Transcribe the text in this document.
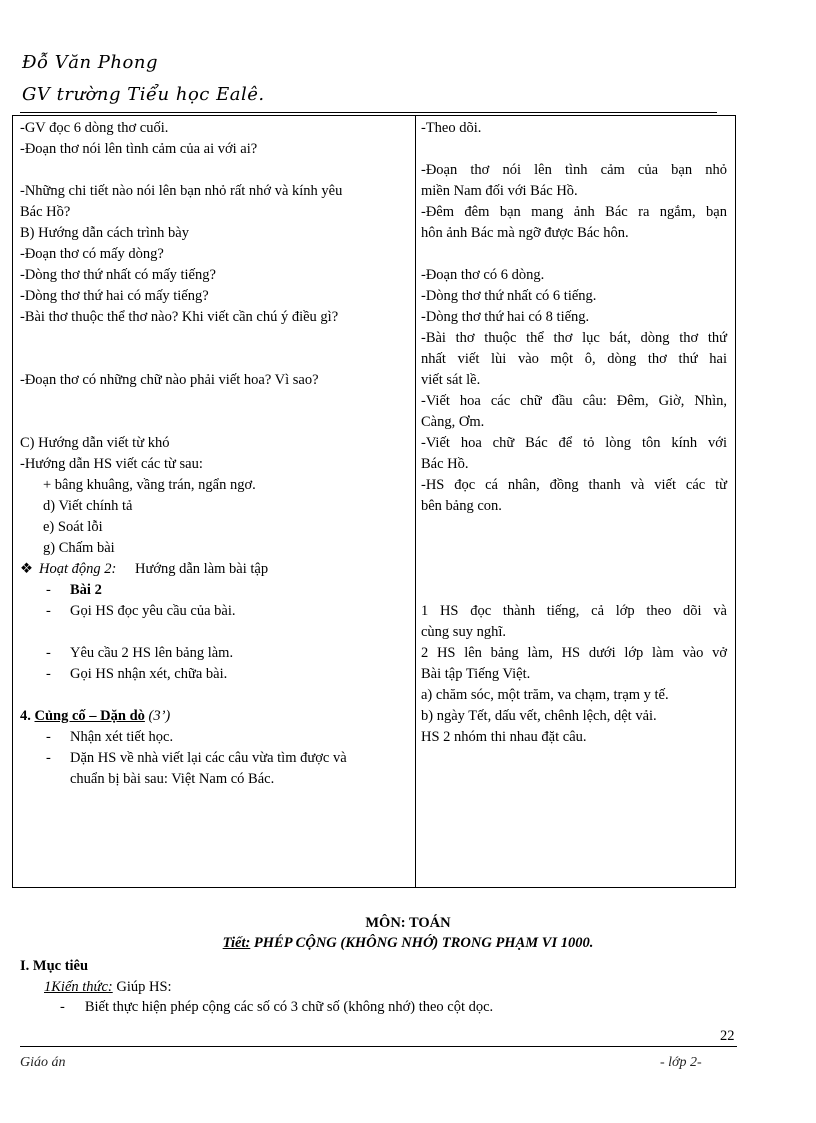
Đỗ Văn Phong
GV trường Tiểu học Ealê.
-GV đọc 6 dòng thơ cuối.
-Đoạn thơ nói lên tình cảm của ai với ai?
-Những chi tiết nào nói lên bạn nhỏ rất nhớ và kính yêu
Bác Hồ?
B) Hướng dẫn cách trình bày
-Đoạn thơ có mấy dòng?
-Dòng thơ thứ nhất có mấy tiếng?
-Dòng thơ thứ hai có mấy tiếng?
-Bài thơ thuộc thể thơ nào? Khi viết cần chú ý điều gì?
-Đoạn thơ có những chữ nào phải viết hoa? Vì sao?
C) Hướng dẫn viết từ khó
-Hướng dẫn HS viết các từ sau:
+ bâng khuâng, vầng trán, ngẩn ngơ.
d) Viết chính tả
e) Soát lỗi
g) Chấm bài
❖ Hoạt động 2: Hướng dẫn làm bài tập
- Bài 2
- Gọi HS đọc yêu cầu của bài.
- Yêu cầu 2 HS lên bảng làm.
- Gọi HS nhận xét, chữa bài.
4. Củng cố – Dặn dò (3’)
- Nhận xét tiết học.
- Dặn HS về nhà viết lại các câu vừa tìm được và
chuẩn bị bài sau: Việt Nam có Bác.
-Theo dõi.
-Đoạn thơ nói lên tình cảm của bạn nhỏ
miền Nam đối với Bác Hồ.
-Đêm đêm bạn mang ảnh Bác ra ngắm, bạn
hôn ảnh Bác mà ngỡ được Bác hôn.
-Đoạn thơ có 6 dòng.
-Dòng thơ thứ nhất có 6 tiếng.
-Dòng thơ thứ hai có 8 tiếng.
-Bài thơ thuộc thể thơ lục bát, dòng thơ thứ
nhất viết lùi vào một ô, dòng thơ thứ hai
viết sát lề.
-Viết hoa các chữ đầu câu: Đêm, Giờ, Nhìn,
Càng, Ơm.
-Viết hoa chữ Bác để tỏ lòng tôn kính với
Bác Hồ.
-HS đọc cá nhân, đồng thanh và viết các từ
bên bảng con.
1 HS đọc thành tiếng, cả lớp theo dõi và
cùng suy nghĩ.
2 HS lên bảng làm, HS dưới lớp làm vào vở
Bài tập Tiếng Việt.
a) chăm sóc, một trăm, va chạm, trạm y tế.
b) ngày Tết, dấu vết, chênh lệch, dệt vải.
HS 2 nhóm thi nhau đặt câu.
MÔN: TOÁN
Tiết: PHÉP CỘNG (KHÔNG NHỚ) TRONG PHẠM VI 1000.
I. Mục tiêu
1Kiến thức: Giúp HS:
- Biết thực hiện phép cộng các số có 3 chữ số (không nhớ) theo cột dọc.
22
Giáo án	- lớp 2-
